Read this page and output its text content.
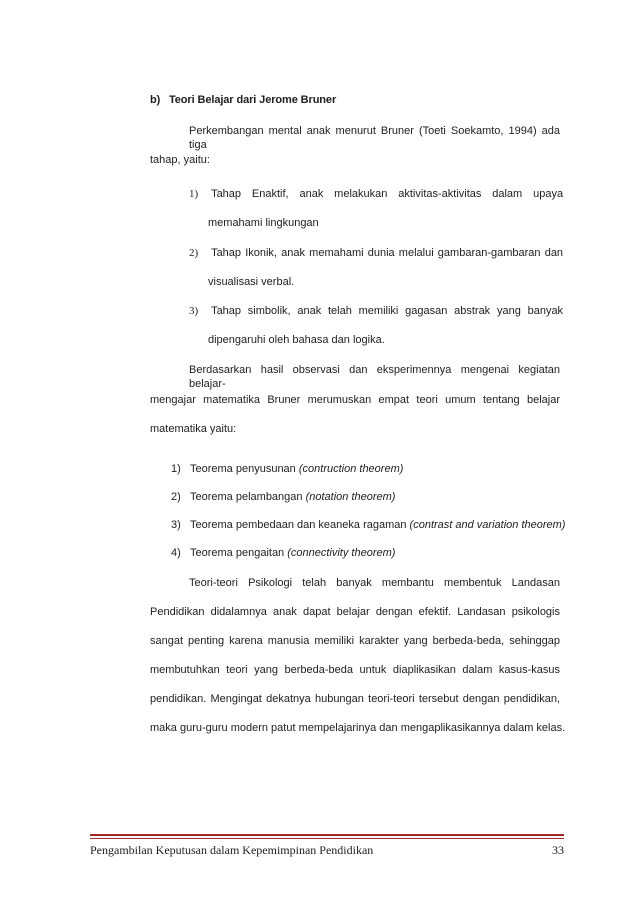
b) Teori Belajar dari Jerome Bruner
Perkembangan mental anak menurut Bruner (Toeti Soekamto, 1994) ada tiga
tahap, yaitu:
1) Tahap Enaktif, anak melakukan aktivitas-aktivitas dalam upaya
memahami lingkungan
2) Tahap Ikonik, anak memahami dunia melalui gambaran-gambaran dan
visualisasi verbal.
3) Tahap simbolik, anak telah memiliki gagasan abstrak yang banyak
dipengaruhi oleh bahasa dan logika.
Berdasarkan hasil observasi dan eksperimennya mengenai kegiatan belajar-
mengajar matematika Bruner merumuskan empat teori umum tentang belajar
matematika yaitu:
1) Teorema penyusunan (contruction theorem)
2) Teorema pelambangan (notation theorem)
3) Teorema pembedaan dan keaneka ragaman (contrast and variation theorem)
4) Teorema pengaitan (connectivity theorem)
Teori-teori Psikologi telah banyak membantu membentuk Landasan
Pendidikan didalamnya anak dapat belajar dengan efektif. Landasan psikologis
sangat penting karena manusia memiliki karakter yang berbeda-beda, sehinggap
membutuhkan teori yang berbeda-beda untuk diaplikasikan dalam kasus-kasus
pendidikan. Mengingat dekatnya hubungan teori-teori tersebut dengan pendidikan,
maka guru-guru modern patut mempelajarinya dan mengaplikasikannya dalam kelas.
Pengambilan Keputusan dalam Kepemimpinan Pendidikan	33
